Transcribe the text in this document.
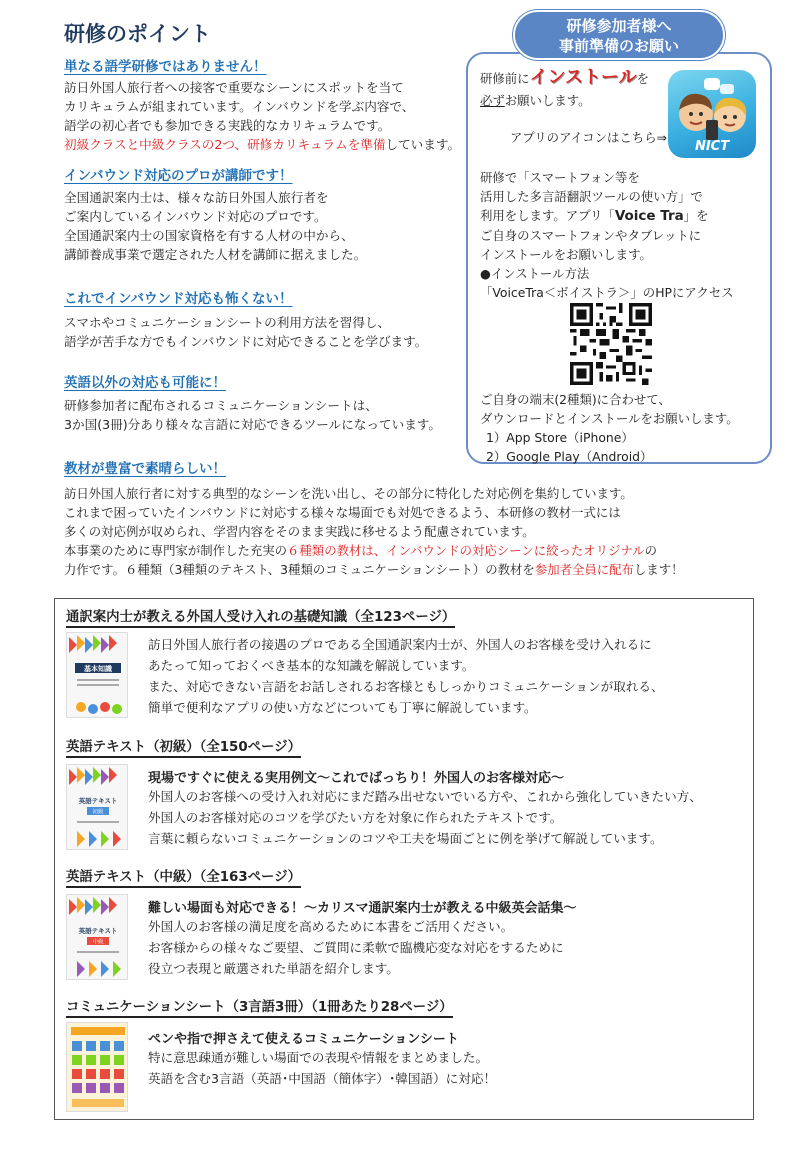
研修のポイント
単なる語学研修ではありません！
訪日外国人旅行者への接客で重要なシーンにスポットを当て
カリキュラムが組まれています。インバウンドを学ぶ内容で、
語学の初心者でも参加できる実践的なカリキュラムです。
初級クラスと中級クラスの2つ、研修カリキュラムを準備しています。
インバウンド対応のプロが講師です！
全国通訳案内士は、様々な訪日外国人旅行者を
ご案内しているインバウンド対応のプロです。
全国通訳案内士の国家資格を有する人材の中から、
講師養成事業で選定された人材を講師に据えました。
これでインバウンド対応も怖くない！
スマホやコミュニケーションシートの利用方法を習得し、
語学が苦手な方でもインバウンドに対応できることを学びます。
英語以外の対応も可能に！
研修参加者に配布されるコミュニケーションシートは、
3か国(3冊)分あり様々な言語に対応できるツールになっています。
教材が豊富で素晴らしい！
訪日外国人旅行者に対する典型的なシーンを洗い出し、その部分に特化した対応例を集約しています。
これまで困っていたインバウンドに対応する様々な場面でも対処できるよう、本研修の教材一式には
多くの対応例が収められ、学習内容をそのまま実践に移せるよう配慮されています。
本事業のために専門家が制作した充実の６種類の教材は、インバウンドの対応シーンに絞ったオリジナルの
力作です。６種類（3種類のテキスト、3種類のコミュニケーションシート）の教材を参加者全員に配布します！
研修参加者様へ
事前準備のお願い
研修前にインストールを
必ずお願いします。
アプリのアイコンはこちら⇒
NICT
研修で「スマートフォン等を
活用した多言語翻訳ツールの使い方」で
利用をします。アプリ「Voice Tra」を
ご自身のスマートフォンやタブレットに
インストールをお願いします。
●インストール方法
「VoiceTra＜ボイストラ＞」のHPにアクセス
ご自身の端末(2種類)に合わせて、
ダウンロードとインストールをお願いします。
1）App Store（iPhone）
2）Google Play（Android）
通訳案内士が教える外国人受け入れの基礎知識（全123ページ）
基本知識
訪日外国人旅行者の接遇のプロである全国通訳案内士が、外国人のお客様を受け入れるに
あたって知っておくべき基本的な知識を解説しています。
また、対応できない言語をお話しされるお客様ともしっかりコミュニケーションが取れる、
簡単で便利なアプリの使い方などについても丁寧に解説しています。
英語テキスト（初級）（全150ページ）
英語テキスト
初級
現場ですぐに使える実用例文～これでばっちり！外国人のお客様対応～
外国人のお客様への受け入れ対応にまだ踏み出せないでいる方や、これから強化していきたい方、
外国人のお客様対応のコツを学びたい方を対象に作られたテキストです。
言葉に頼らないコミュニケーションのコツや工夫を場面ごとに例を挙げて解説しています。
英語テキスト（中級）（全163ページ）
英語テキスト
中級
難しい場面も対応できる！～カリスマ通訳案内士が教える中級英会話集～
外国人のお客様の満足度を高めるために本書をご活用ください。
お客様からの様々なご要望、ご質問に柔軟で臨機応変な対応をするために
役立つ表現と厳選された単語を紹介します。
コミュニケーションシート（3言語3冊）（1冊あたり28ページ）
ペンや指で押さえて使えるコミュニケーションシート
特に意思疎通が難しい場面での表現や情報をまとめました。
英語を含む3言語（英語･中国語（簡体字）･韓国語）に対応！
